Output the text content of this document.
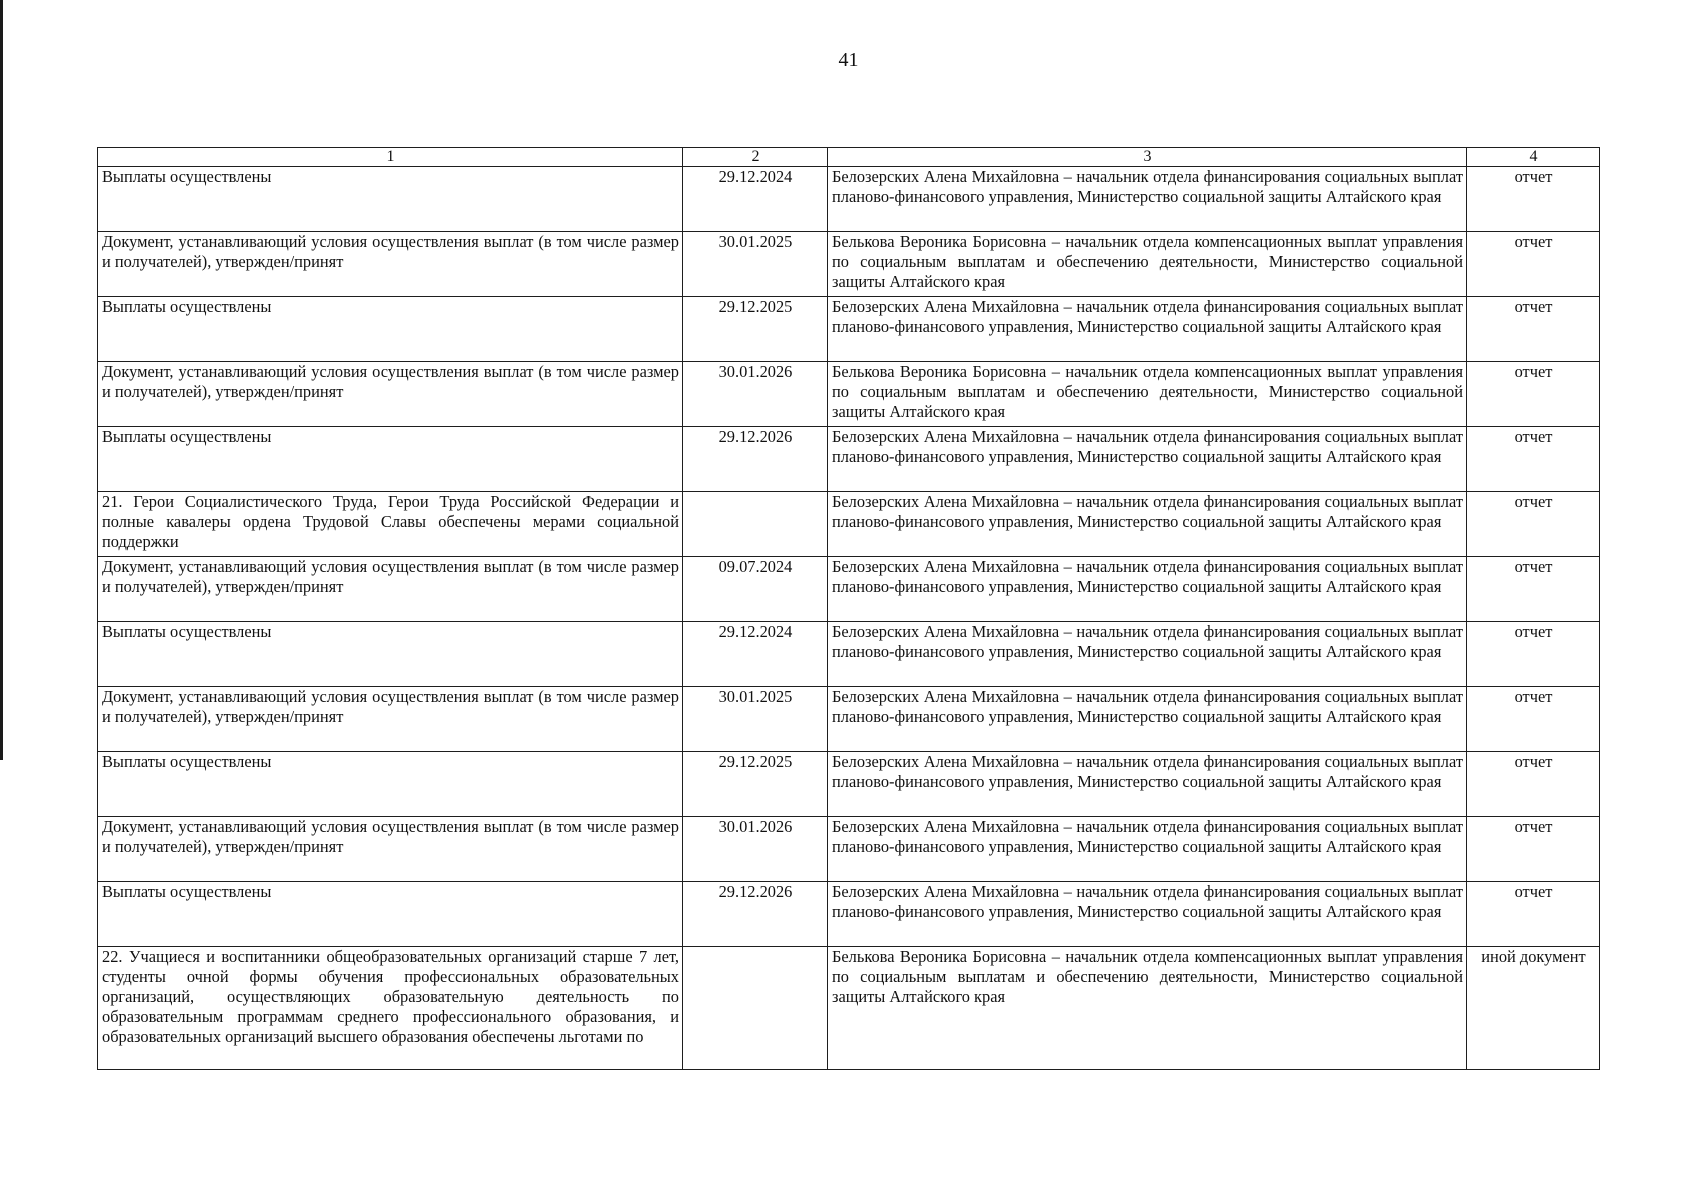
41
1	2	3	4
Выплаты осуществлены	29.12.2024	Белозерских Алена Михайловна – начальник отдела финансирования социальных выплат планово-финансового управления, Министерство социальной защиты Алтайского края	отчет
Документ, устанавливающий условия осуществления выплат (в том числе размер и получателей), утвержден/принят	30.01.2025	Белькова Вероника Борисовна – начальник отдела компенсационных выплат управления по социальным выплатам и обеспечению деятельности, Министерство социальной защиты Алтайского края	отчет
Выплаты осуществлены	29.12.2025	Белозерских Алена Михайловна – начальник отдела финансирования социальных выплат планово-финансового управления, Министерство социальной защиты Алтайского края	отчет
Документ, устанавливающий условия осуществления выплат (в том числе размер и получателей), утвержден/принят	30.01.2026	Белькова Вероника Борисовна – начальник отдела компенсационных выплат управления по социальным выплатам и обеспечению деятельности, Министерство социальной защиты Алтайского края	отчет
Выплаты осуществлены	29.12.2026	Белозерских Алена Михайловна – начальник отдела финансирования социальных выплат планово-финансового управления, Министерство социальной защиты Алтайского края	отчет
21. Герои Социалистического Труда, Герои Труда Российской Федерации и полные кавалеры ордена Трудовой Славы обеспечены мерами социальной поддержки		Белозерских Алена Михайловна – начальник отдела финансирования социальных выплат планово-финансового управления, Министерство социальной защиты Алтайского края	отчет
Документ, устанавливающий условия осуществления выплат (в том числе размер и получателей), утвержден/принят	09.07.2024	Белозерских Алена Михайловна – начальник отдела финансирования социальных выплат планово-финансового управления, Министерство социальной защиты Алтайского края	отчет
Выплаты осуществлены	29.12.2024	Белозерских Алена Михайловна – начальник отдела финансирования социальных выплат планово-финансового управления, Министерство социальной защиты Алтайского края	отчет
Документ, устанавливающий условия осуществления выплат (в том числе размер и получателей), утвержден/принят	30.01.2025	Белозерских Алена Михайловна – начальник отдела финансирования социальных выплат планово-финансового управления, Министерство социальной защиты Алтайского края	отчет
Выплаты осуществлены	29.12.2025	Белозерских Алена Михайловна – начальник отдела финансирования социальных выплат планово-финансового управления, Министерство социальной защиты Алтайского края	отчет
Документ, устанавливающий условия осуществления выплат (в том числе размер и получателей), утвержден/принят	30.01.2026	Белозерских Алена Михайловна – начальник отдела финансирования социальных выплат планово-финансового управления, Министерство социальной защиты Алтайского края	отчет
Выплаты осуществлены	29.12.2026	Белозерских Алена Михайловна – начальник отдела финансирования социальных выплат планово-финансового управления, Министерство социальной защиты Алтайского края	отчет
22. Учащиеся и воспитанники общеобразовательных организаций старше 7 лет, студенты очной формы обучения профессиональных образовательных организаций, осуществляющих образовательную деятельность по образовательным программам среднего профессионального образования, и образовательных организаций высшего образования обеспечены льготами по		Белькова Вероника Борисовна – начальник отдела компенсационных выплат управления по социальным выплатам и обеспечению деятельности, Министерство социальной защиты Алтайского края	иной документ
